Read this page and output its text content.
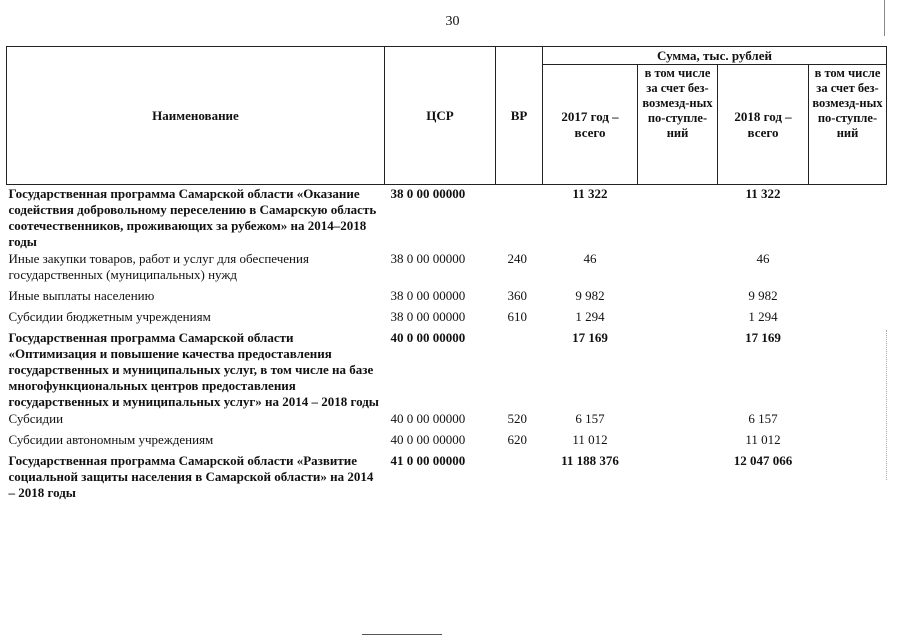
30
Наименование	ЦСР	ВР	Сумма, тыс. рублей			
			2017 год – всего	в том числе за счет без-возмезд-ных по-ступле-ний	2018 год – всего	в том числе за счет без-возмезд-ных по-ступле-ний
Государственная программа Самарской области «Оказание содействия добровольному переселению в Самарскую область соотечественников, проживающих за рубежом» на 2014–2018 годы	38 0 00 00000		11 322		11 322	
Иные закупки товаров, работ и услуг для обеспечения государственных (муниципальных) нужд	38 0 00 00000	240	46		46	
Иные выплаты населению	38 0 00 00000	360	9 982		9 982	
Субсидии бюджетным учреждениям	38 0 00 00000	610	1 294		1 294	
Государственная программа Самарской области «Оптимизация и повышение качества предоставления государственных и муниципальных услуг, в том числе на базе многофункциональных центров предоставления государственных и муниципальных услуг» на 2014 – 2018 годы	40 0 00 00000		17 169		17 169	
Субсидии	40 0 00 00000	520	6 157		6 157	
Субсидии автономным учреждениям	40 0 00 00000	620	11 012		11 012	
Государственная программа Самарской области «Развитие социальной защиты населения в Самарской области» на 2014 – 2018 годы	41 0 00 00000		11 188 376		12 047 066	
